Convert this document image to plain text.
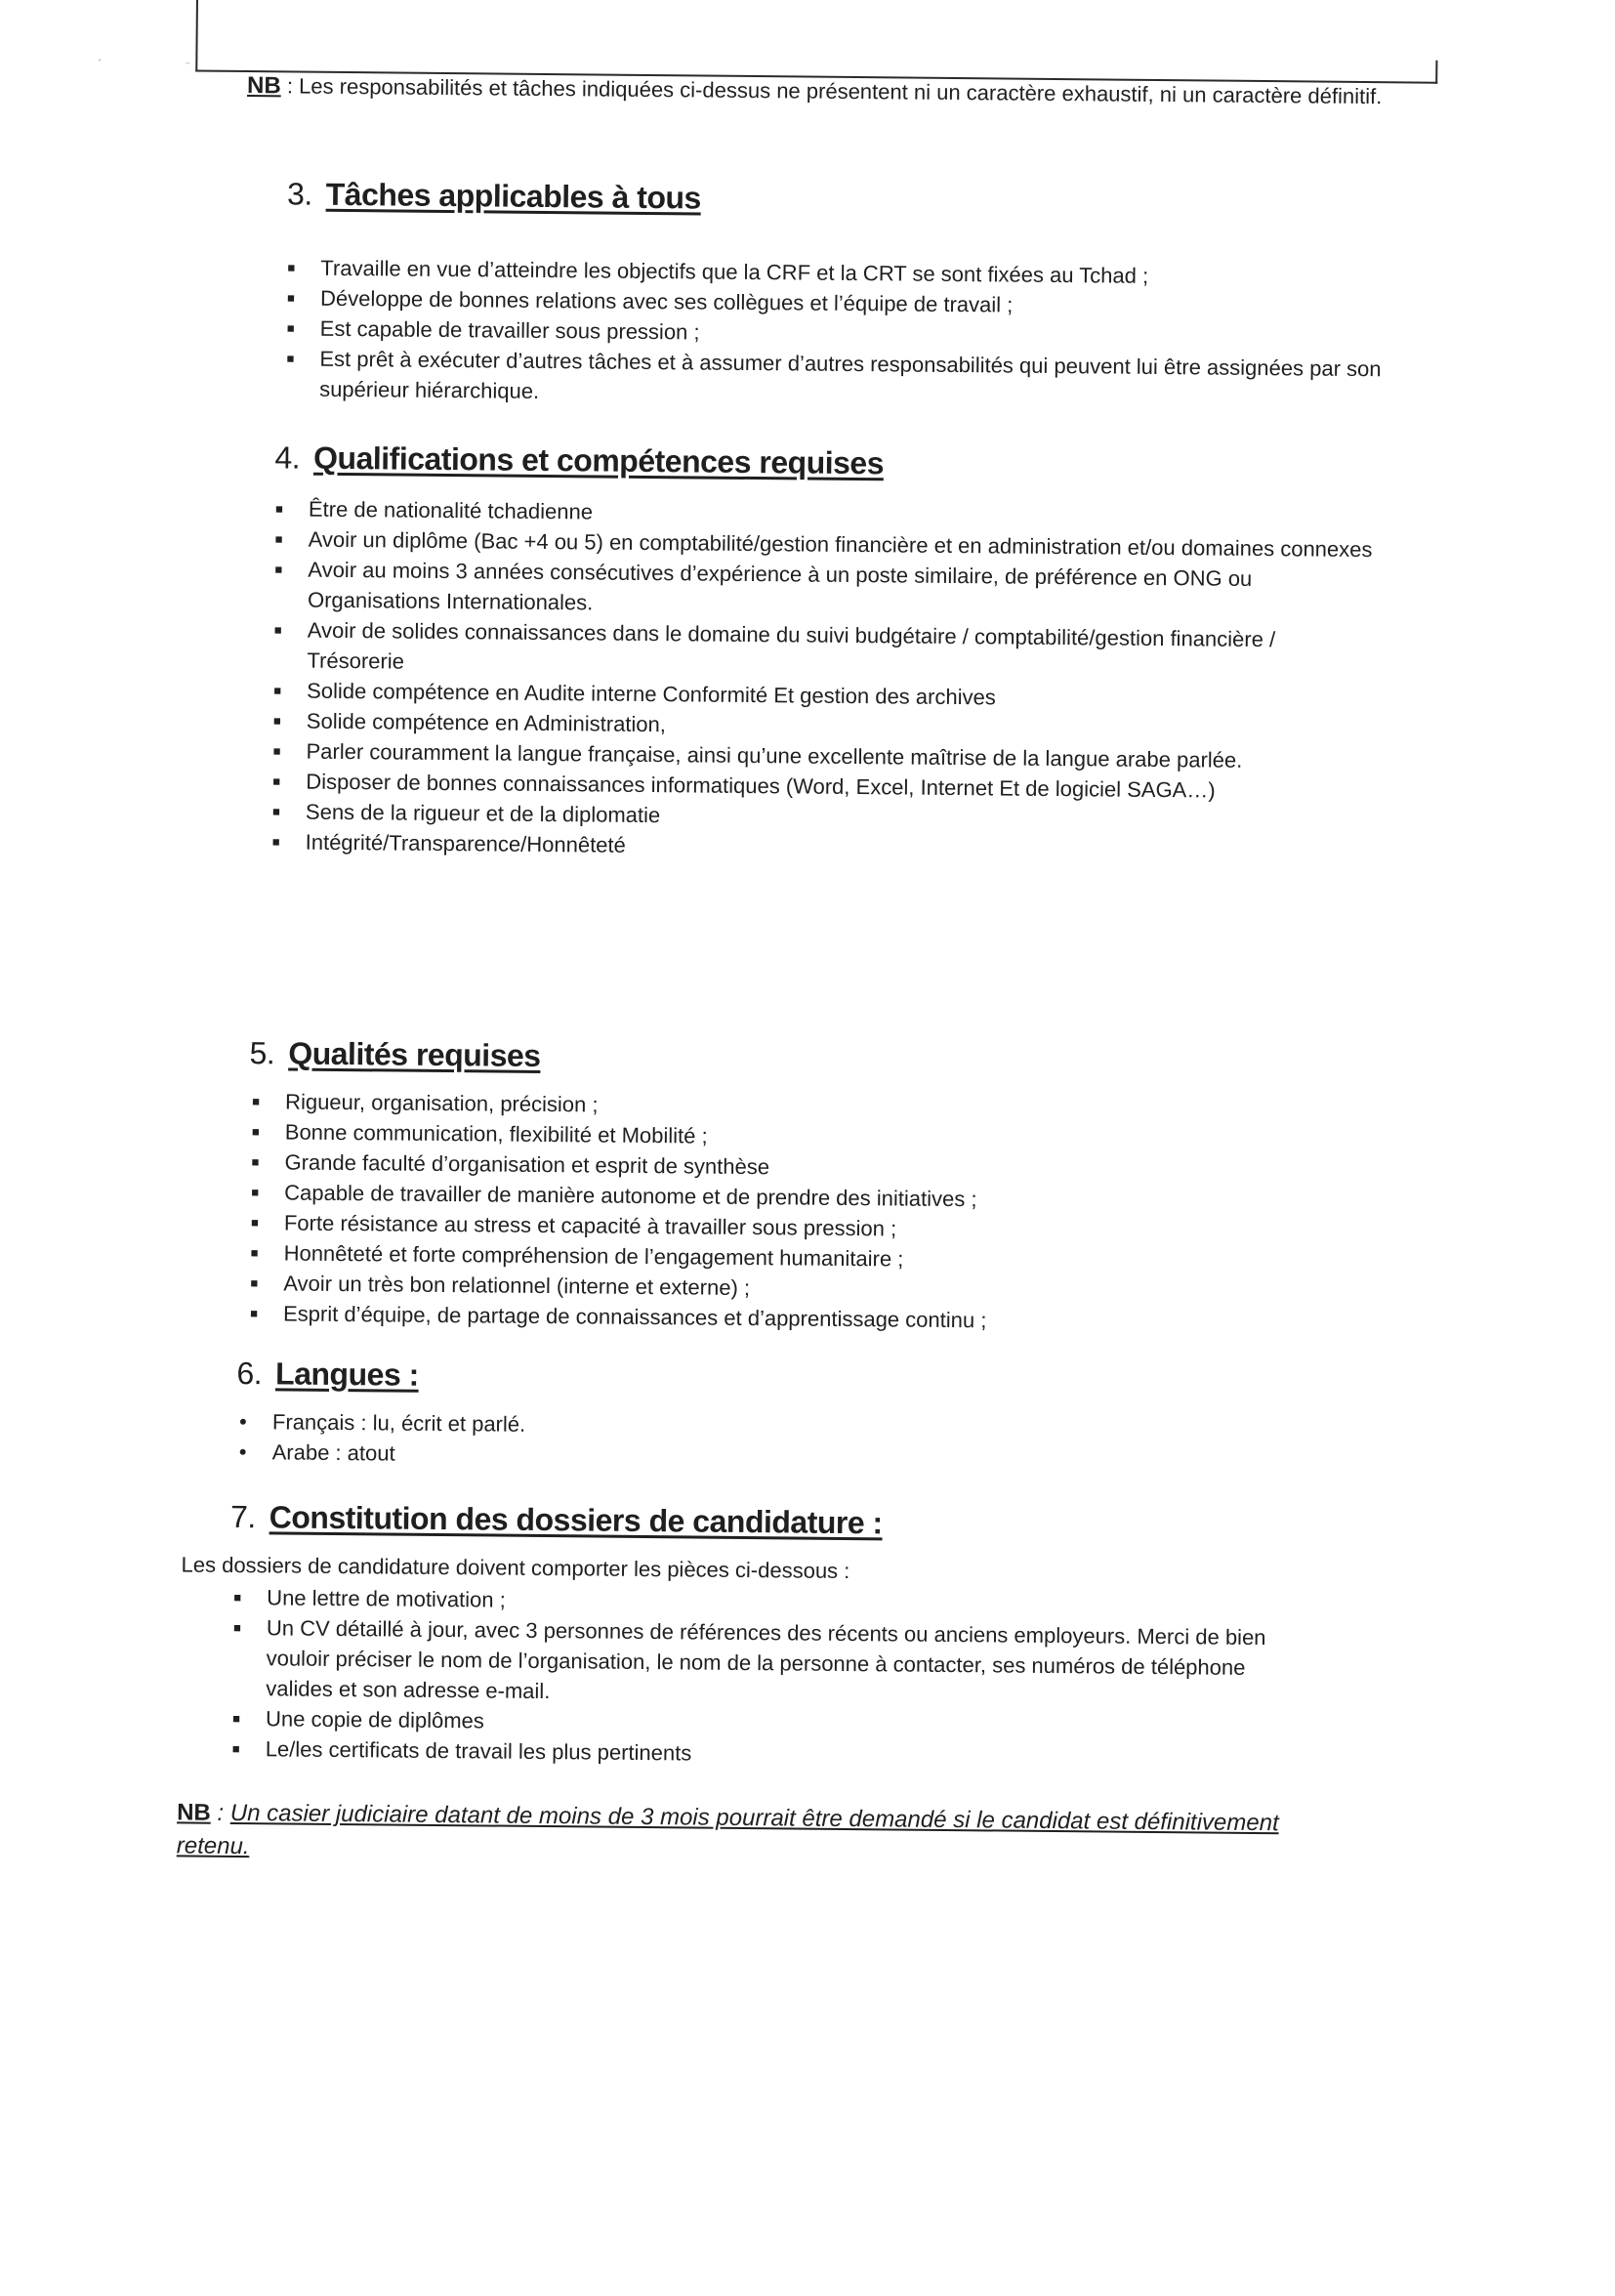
´	¨
NB : Les responsabilités et tâches indiquées ci-dessus ne présentent ni un caractère exhaustif, ni un caractère définitif.
3. Tâches applicables à tous
■ Travaille en vue d’atteindre les objectifs que la CRF et la CRT se sont fixées au Tchad ;
■ Développe de bonnes relations avec ses collègues et l’équipe de travail ;
■ Est capable de travailler sous pression ;
■ Est prêt à exécuter d’autres tâches et à assumer d’autres responsabilités qui peuvent lui être assignées par son supérieur hiérarchique.
4. Qualifications et compétences requises
■ Être de nationalité tchadienne
■ Avoir un diplôme (Bac +4 ou 5) en comptabilité/gestion financière et en administration et/ou domaines connexes
■ Avoir au moins 3 années consécutives d’expérience à un poste similaire, de préférence en ONG ou Organisations Internationales.
■ Avoir de solides connaissances dans le domaine du suivi budgétaire / comptabilité/gestion financière / Trésorerie
■ Solide compétence en Audite interne Conformité Et gestion des archives
■ Solide compétence en Administration,
■ Parler couramment la langue française, ainsi qu’une excellente maîtrise de la langue arabe parlée.
■ Disposer de bonnes connaissances informatiques (Word, Excel, Internet Et de logiciel SAGA…)
■ Sens de la rigueur et de la diplomatie
■ Intégrité/Transparence/Honnêteté
5. Qualités requises
■ Rigueur, organisation, précision ;
■ Bonne communication, flexibilité et Mobilité ;
■ Grande faculté d’organisation et esprit de synthèse
■ Capable de travailler de manière autonome et de prendre des initiatives ;
■ Forte résistance au stress et capacité à travailler sous pression ;
■ Honnêteté et forte compréhension de l’engagement humanitaire ;
■ Avoir un très bon relationnel (interne et externe) ;
■ Esprit d’équipe, de partage de connaissances et d’apprentissage continu ;
6. Langues :
• Français : lu, écrit et parlé.
• Arabe : atout
7. Constitution des dossiers de candidature :
Les dossiers de candidature doivent comporter les pièces ci-dessous :
■ Une lettre de motivation ;
■ Un CV détaillé à jour, avec 3 personnes de références des récents ou anciens employeurs. Merci de bien vouloir préciser le nom de l’organisation, le nom de la personne à contacter, ses numéros de téléphone valides et son adresse e-mail.
■ Une copie de diplômes
■ Le/les certificats de travail les plus pertinents
NB : Un casier judiciaire datant de moins de 3 mois pourrait être demandé si le candidat est définitivement retenu.
